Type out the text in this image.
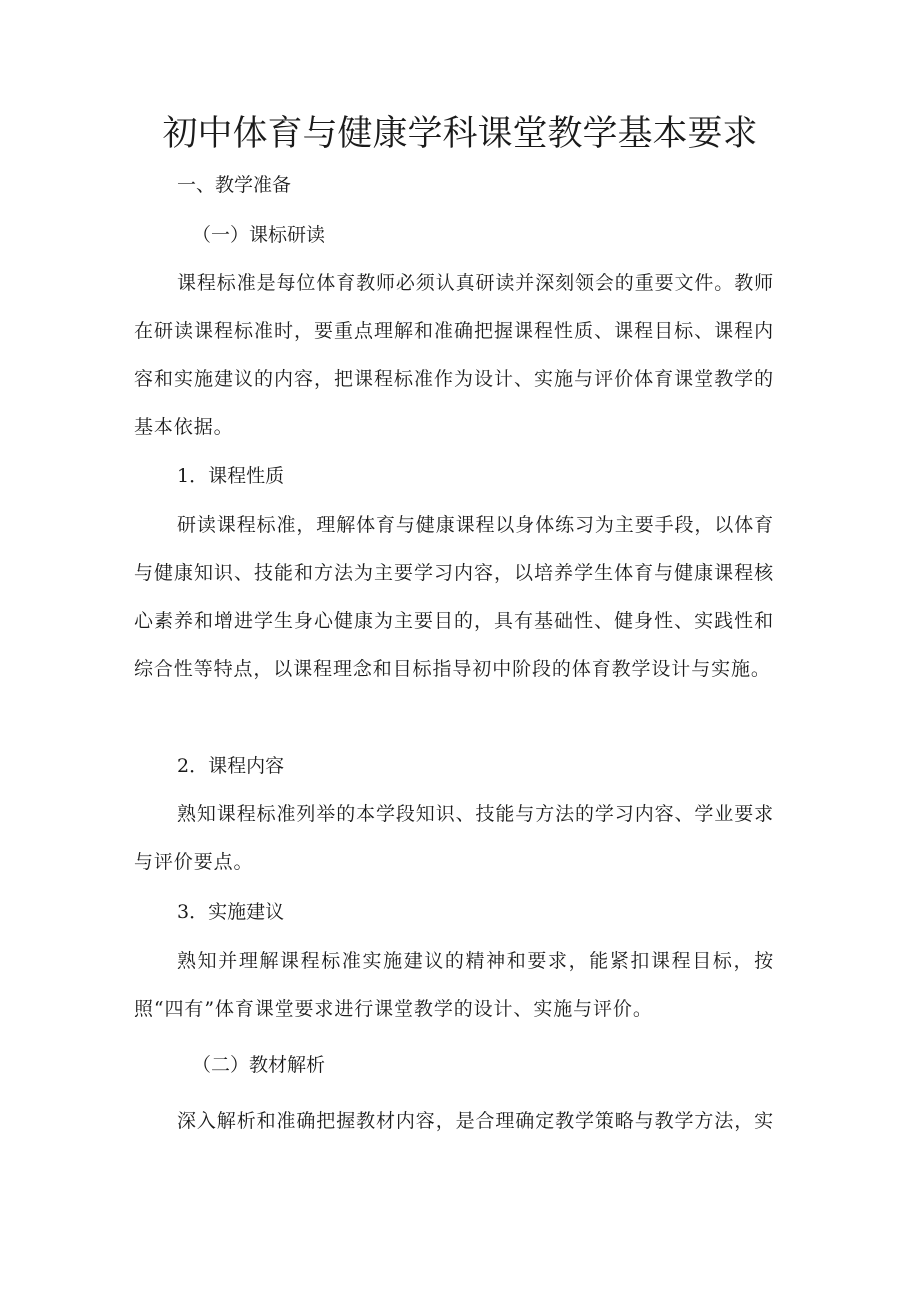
初中体育与健康学科课堂教学基本要求
一、教学准备
（一）课标研读

课程标准是每位体育教师必须认真研读并深刻领会的重要文件。教师在研读课程标准时，要重点理解和准确把握课程性质、课程目标、课程内容和实施建议的内容，把课程标准作为设计、实施与评价体育课堂教学的基本依据。

1．课程性质

研读课程标准，理解体育与健康课程以身体练习为主要手段，以体育与健康知识、技能和方法为主要学习内容，以培养学生体育与健康课程核心素养和增进学生身心健康为主要目的，具有基础性、健身性、实践性和综合性等特点，以课程理念和目标指导初中阶段的体育教学设计与实施。

2．课程内容

熟知课程标准列举的本学段知识、技能与方法的学习内容、学业要求与评价要点。

3．实施建议

熟知并理解课程标准实施建议的精神和要求，能紧扣课程目标，按照“四有”体育课堂要求进行课堂教学的设计、实施与评价。

（二）教材解析

深入解析和准确把握教材内容，是合理确定教学策略与教学方法，实
